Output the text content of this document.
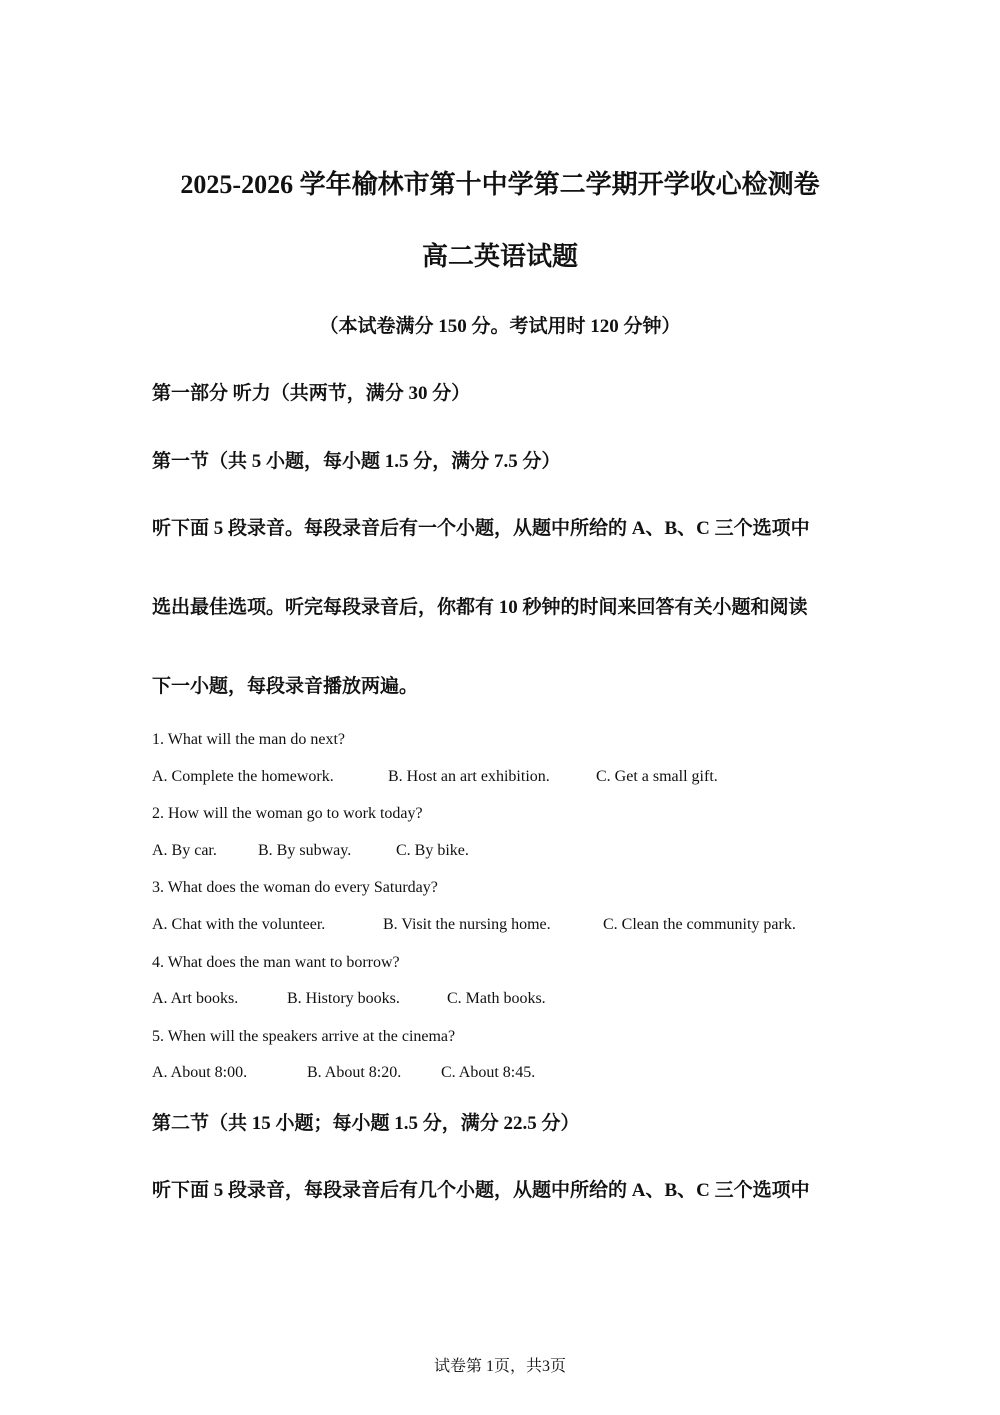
2025-2026 学年榆林市第十中学第二学期开学收心检测卷
高二英语试题
（本试卷满分 150 分。考试用时 120 分钟）
第一部分 听力（共两节，满分 30 分）
第一节（共 5 小题，每小题 1.5 分，满分 7.5 分）
听下面 5 段录音。每段录音后有一个小题，从题中所给的 A、B、C 三个选项中
选出最佳选项。听完每段录音后，你都有 10 秒钟的时间来回答有关小题和阅读
下一小题，每段录音播放两遍。
1. What will the man do next?
A. Complete the homework.	B. Host an art exhibition.	C. Get a small gift.
2. How will the woman go to work today?
A. By car.	B. By subway.	C. By bike.
3. What does the woman do every Saturday?
A. Chat with the volunteer.	B. Visit the nursing home.	C. Clean the community park.
4. What does the man want to borrow?
A. Art books.	B. History books.	C. Math books.
5. When will the speakers arrive at the cinema?
A. About 8:00.	B. About 8:20. C. About 8:45.
第二节（共 15 小题；每小题 1.5 分，满分 22.5 分）
听下面 5 段录音，每段录音后有几个小题，从题中所给的 A、B、C 三个选项中
试卷第 1页，共3页
